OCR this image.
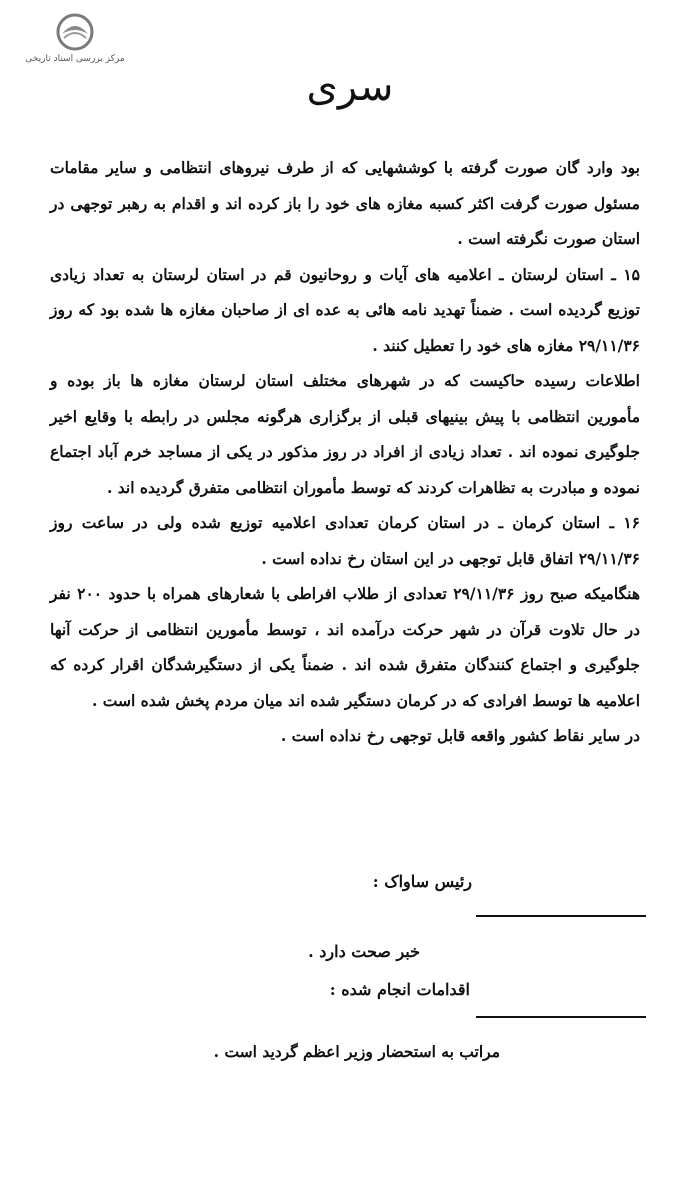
مرکز بررسی اسناد تاریخی
سری

بود وارد گان صورت گرفته با کوششهایی که از طرف نیروهای انتظامی و سایر مقامات مسئول صورت گرفت اکثر کسبه مغازه های خود را باز کرده اند و اقدام به رهبر توجهی در استان صورت نگرفته است .

۱۵ ـ استان لرستان ـ اعلامیه های آیات و روحانیون قم در استان لرستان به تعداد زیادی توزیع گردیده است . ضمناً تهدید نامه هائی به عده ای از صاحبان مغازه ها شده بود که روز ۲۹/۱۱/۳۶ مغازه های خود را تعطیل کنند .

اطلاعات رسیده حاکیست که در شهرهای مختلف استان لرستان مغازه ها باز بوده و مأمورین انتظامی با پیش بینیهای قبلی از برگزاری هرگونه مجلس در رابطه با وقایع اخیر جلوگیری نموده اند . تعداد زیادی از افراد در روز مذکور در یکی از مساجد خرم آباد اجتماع نموده و مبادرت به تظاهرات کردند که توسط مأموران انتظامی متفرق گردیده اند .

۱۶ ـ استان کرمان ـ در استان کرمان تعدادی اعلامیه توزیع شده ولی در ساعت روز ۲۹/۱۱/۳۶ اتفاق قابل توجهی در این استان رخ نداده است .

هنگامیکه صبح روز ۲۹/۱۱/۳۶ تعدادی از طلاب افراطی با شعارهای همراه با حدود ۲۰۰ نفر در حال تلاوت قرآن در شهر حرکت درآمده اند ، توسط مأمورین انتظامی از حرکت آنها جلوگیری و اجتماع کنندگان متفرق شده اند . ضمناً یکی از دستگیرشدگان اقرار کرده که اعلامیه ها توسط افرادی که در کرمان دستگیر شده اند میان مردم پخش شده است .

در سایر نقاط کشور واقعه قابل توجهی رخ نداده است .

رئیس ساواک :
خبر صحت دارد .
اقدامات انجام شده :
مراتب به استحضار وزیر اعظم گردید است .
